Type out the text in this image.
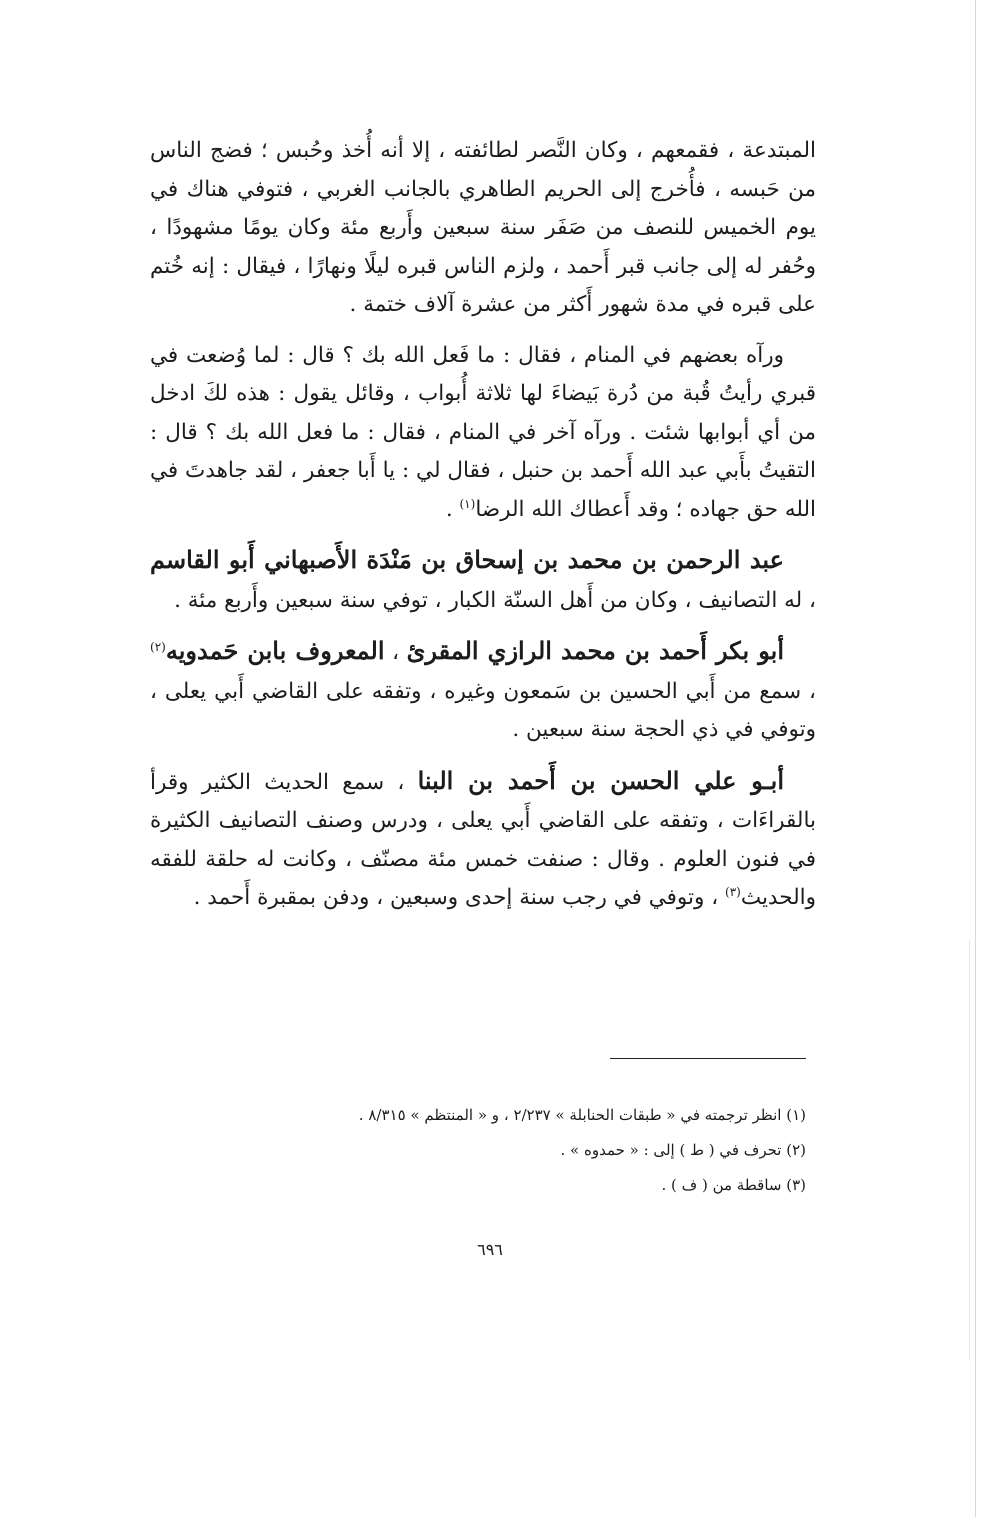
المبتدعة ، فقمعهم ، وكان النَّصر لطائفته ، إلا أنه أُخذ وحُبس ؛ فضج الناس من حَبسه ، فأُخرج إلى الحريم الطاهري بالجانب الغربي ، فتوفي هناك في يوم الخميس للنصف من صَفَر سنة سبعين وأَربع مئة وكان يومًا مشهودًا ، وحُفر له إلى جانب قبر أَحمد ، ولزم الناس قبره ليلًا ونهارًا ، فيقال : إنه خُتم على قبره في مدة شهور أَكثر من عشرة آلاف ختمة .

ورآه بعضهم في المنام ، فقال : ما فَعل الله بك ؟ قال : لما وُضعت في قبري رأيتُ قُبة من دُرة بَيضاءَ لها ثلاثة أُبواب ، وقائل يقول : هذه لكَ ادخل من أي أبوابها شئت . ورآه آخر في المنام ، فقال : ما فعل الله بك ؟ قال : التقيتُ بأَبي عبد الله أَحمد بن حنبل ، فقال لي : يا أَبا جعفر ، لقد جاهدتَ في الله حق جهاده ؛ وقد أَعطاك الله الرضا$^{(١)}$ .

عبد الرحمن بن محمد بن إسحاق بن مَنْدَة الأَصبهاني أَبو القاسم ، له التصانيف ، وكان من أَهل السنّة الكبار ، توفي سنة سبعين وأَربع مئة .

أبو بكر أَحمد بن محمد الرازي المقرئ ، المعروف بابن حَمدويه$^{(٢)}$ ، سمع من أَبي الحسين بن سَمعون وغيره ، وتفقه على القاضي أَبي يعلى ، وتوفي في ذي الحجة سنة سبعين .

أبـو علي الحسن بن أَحمد بن البنا ، سمع الحديث الكثير وقرأ بالقراءَات ، وتفقه على القاضي أَبي يعلى ، ودرس وصنف التصانيف الكثيرة في فنون العلوم . وقال : صنفت خمس مئة مصنّف ، وكانت له حلقة للفقه والحديث$^{(٣)}$ ، وتوفي في رجب سنة إحدى وسبعين ، ودفن بمقبرة أَحمد .

(١) انظر ترجمته في « طبقات الحنابلة » ٢/٢٣٧ ، و « المنتظم » ٨/٣١٥ .

(٢) تحرف في ( ط ) إلى : « حمدوه » .

(٣) ساقطة من ( ف ) .

٦٩٦
